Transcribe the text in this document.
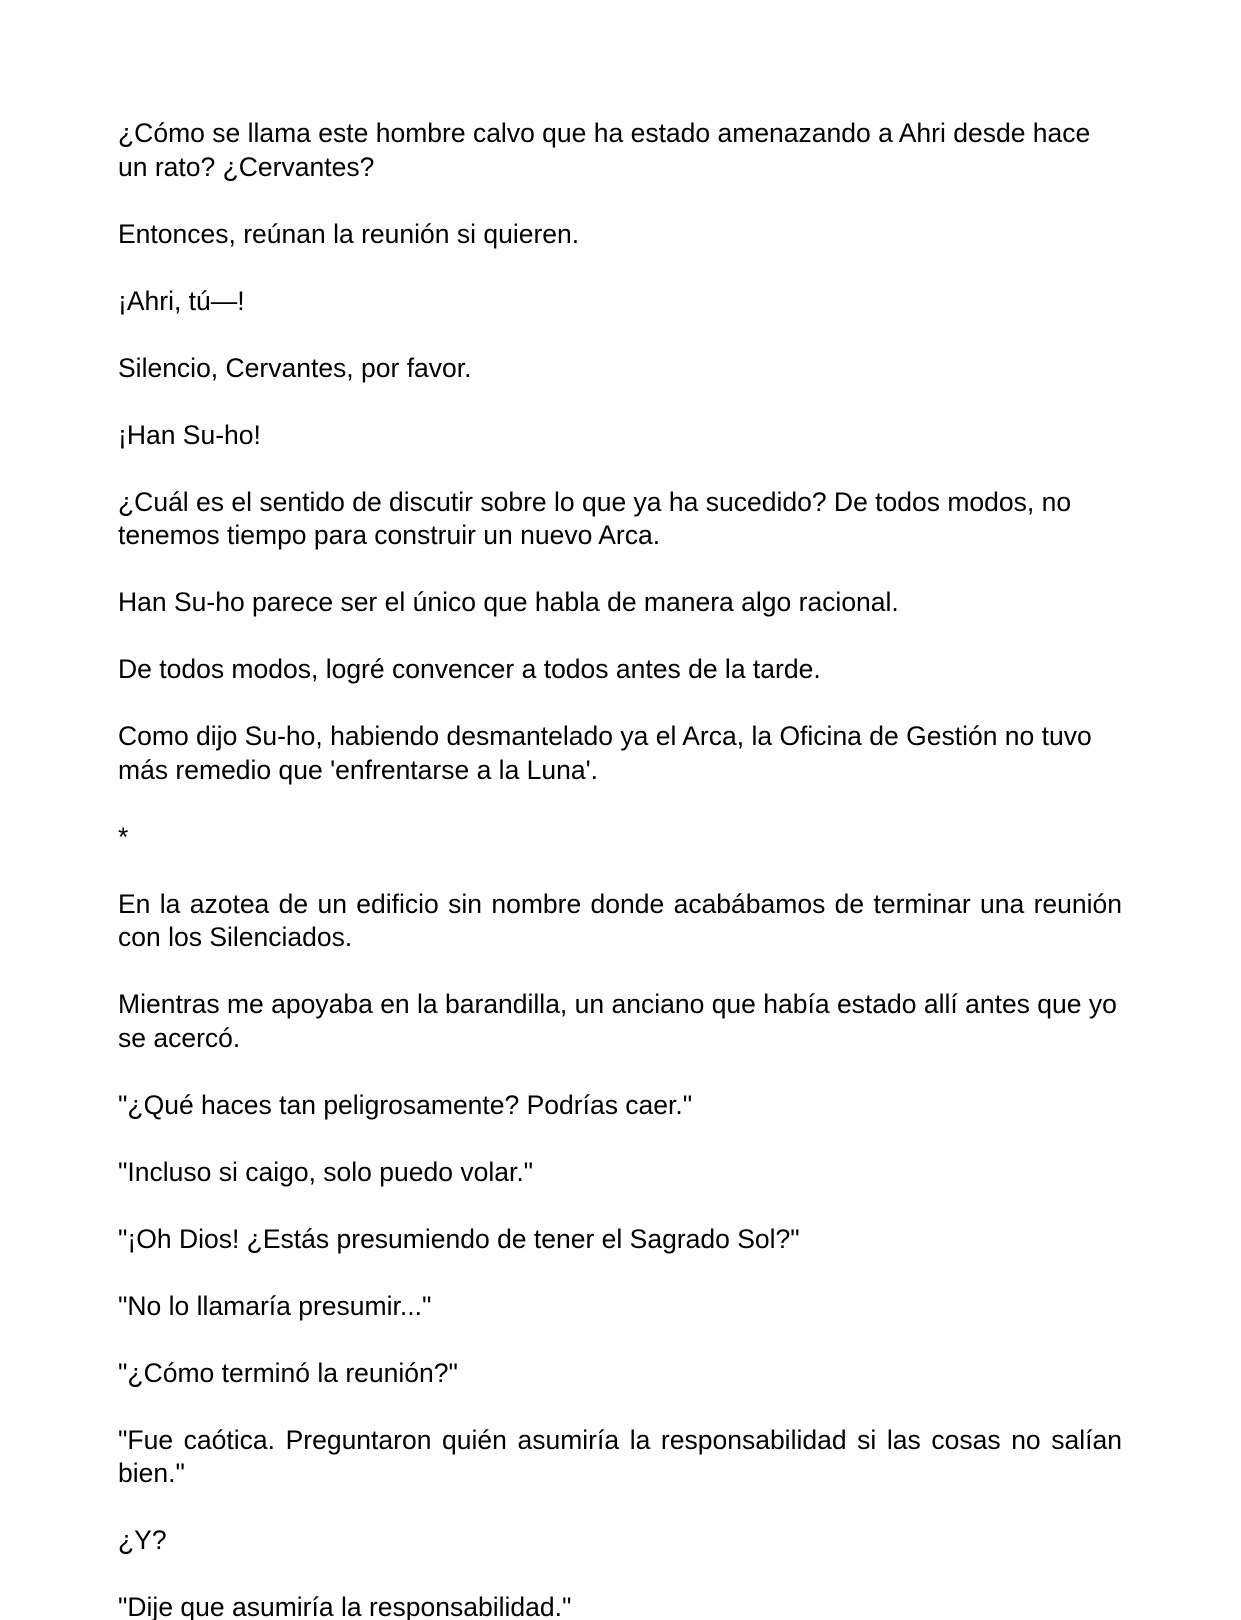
¿Cómo se llama este hombre calvo que ha estado amenazando a Ahri desde hace un rato? ¿Cervantes?

Entonces, reúnan la reunión si quieren.

¡Ahri, tú—!

Silencio, Cervantes, por favor.

¡Han Su-ho!

¿Cuál es el sentido de discutir sobre lo que ya ha sucedido? De todos modos, no tenemos tiempo para construir un nuevo Arca.

Han Su-ho parece ser el único que habla de manera algo racional.

De todos modos, logré convencer a todos antes de la tarde.

Como dijo Su-ho, habiendo desmantelado ya el Arca, la Oficina de Gestión no tuvo más remedio que 'enfrentarse a la Luna'.

*

En la azotea de un edificio sin nombre donde acabábamos de terminar una reunión con los Silenciados.

Mientras me apoyaba en la barandilla, un anciano que había estado allí antes que yo se acercó.

"¿Qué haces tan peligrosamente? Podrías caer."

"Incluso si caigo, solo puedo volar."

"¡Oh Dios! ¿Estás presumiendo de tener el Sagrado Sol?"

"No lo llamaría presumir..."

"¿Cómo terminó la reunión?"

"Fue caótica. Preguntaron quién asumiría la responsabilidad si las cosas no salían bien."

¿Y?

"Dije que asumiría la responsabilidad."
